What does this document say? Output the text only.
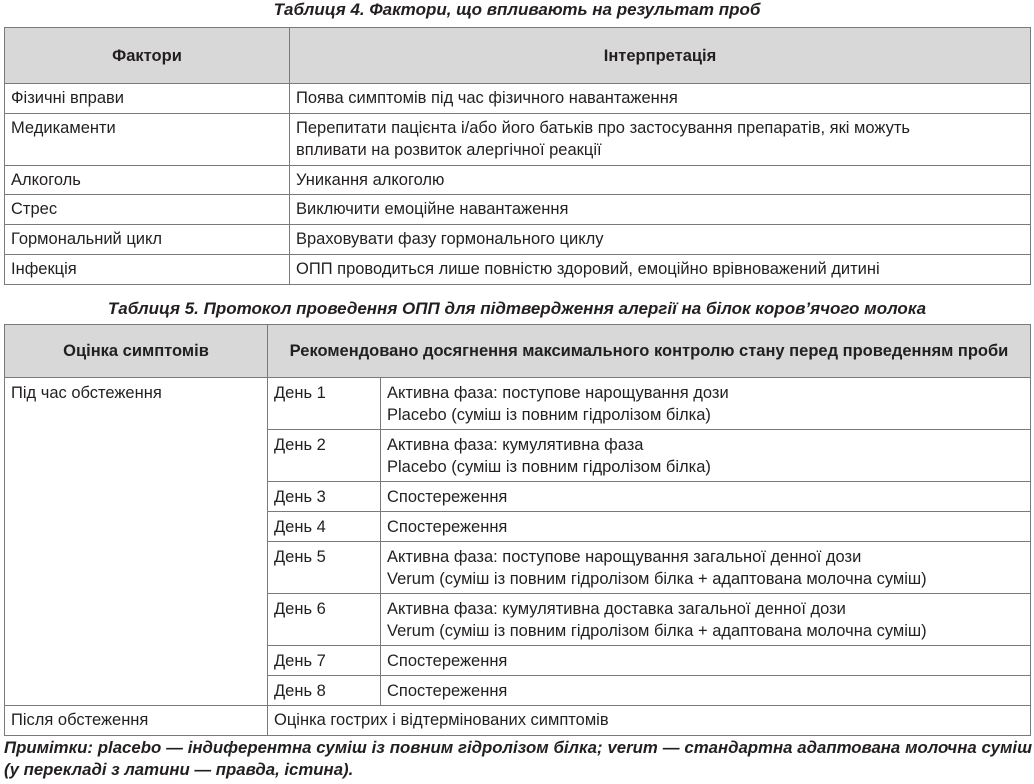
Таблиця 4. Фактори, що впливають на результат проб
Фактори	Інтерпретація
Фізичні вправи	Поява симптомів під час фізичного навантаження

Медикаменти	Перепитати пацієнта і/або його батьків про застосування препаратів, які можуть
впливати на розвиток алергічної реакції

Алкоголь	Уникання алкоголю

Стрес	Виключити емоційне навантаження

Гормональний цикл	Враховувати фазу гормонального циклу

Інфекція	ОПП проводиться лише повністю здоровий, емоційно врівноважений дитині
Таблиця 5. Протокол проведення ОПП для підтвердження алергії на білок коров’ячого молока
Оцінка симптомів	Рекомендовано досягнення максимального контролю стану перед проведенням проби	
Під час обстеження	День 1	Активна фаза: поступове нарощування дози
Placebo (суміш із повним гідролізом білка)

	День 2	Активна фаза: кумулятивна фаза
Placebo (суміш із повним гідролізом білка)

	День 3	Спостереження

	День 4	Спостереження

	День 5	Активна фаза: поступове нарощування загальної денної дози
Verum (суміш із повним гідролізом білка + адаптована молочна суміш)

	День 6	Активна фаза: кумулятивна доставка загальної денної дози
Verum (суміш із повним гідролізом білка + адаптована молочна суміш)

	День 7	Спостереження

	День 8	Спостереження

Після обстеження	Оцінка гострих і відтермінованих симптомів	
Примітки: placebo — індиферентна суміш із повним гідролізом білка; verum — стандартна адаптована молочна суміш (у перекладі з латини — правда, істина).
